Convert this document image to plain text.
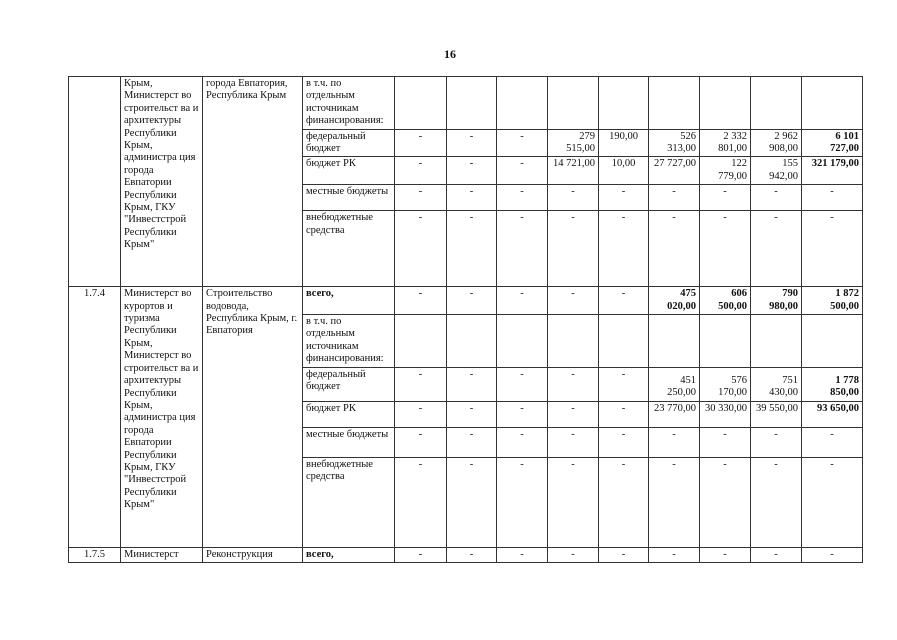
16
	Крым, Министерст во строительст ва и архитектуры Республики Крым, администра ция города Евпатории Республики Крым, ГКУ "Инвестстрой Республики Крым"	города Евпатория, Республика Крым	в т.ч. по отдельным источникам финансирования:									
			федеральный бюджет	-	-	-	279 515,00	190,00	526 313,00	2 332 801,00	2 962 908,00	6 101 727,00
			бюджет РК	-	-	-	14 721,00	10,00	27 727,00	122 779,00	155 942,00	321 179,00
			местные бюджеты	-	-	-	-	-	-	-	-	-
			внебюджетные средства	-	-	-	-	-	-	-	-	-
1.7.4	Министерст во курортов и туризма Республики Крым, Министерст во строительст ва и архитектуры Республики Крым, администра ция города Евпатории Республики Крым, ГКУ "Инвестстрой Республики Крым"	Строительство водовода, Республика Крым, г. Евпатория	всего,	-	-	-	-	-	475 020,00	606 500,00	790 980,00	1 872 500,00
			в т.ч. по отдельным источникам финансирования:									
			федеральный бюджет	-	-	-	-	-	451 250,00	576 170,00	751 430,00	1 778 850,00
			бюджет РК	-	-	-	-	-	23 770,00	30 330,00	39 550,00	93 650,00
			местные бюджеты	-	-	-	-	-	-	-	-	-
			внебюджетные средства	-	-	-	-	-	-	-	-	-
1.7.5	Министерст	Реконструкция	всего,	-	-	-	-	-	-	-	-	-
